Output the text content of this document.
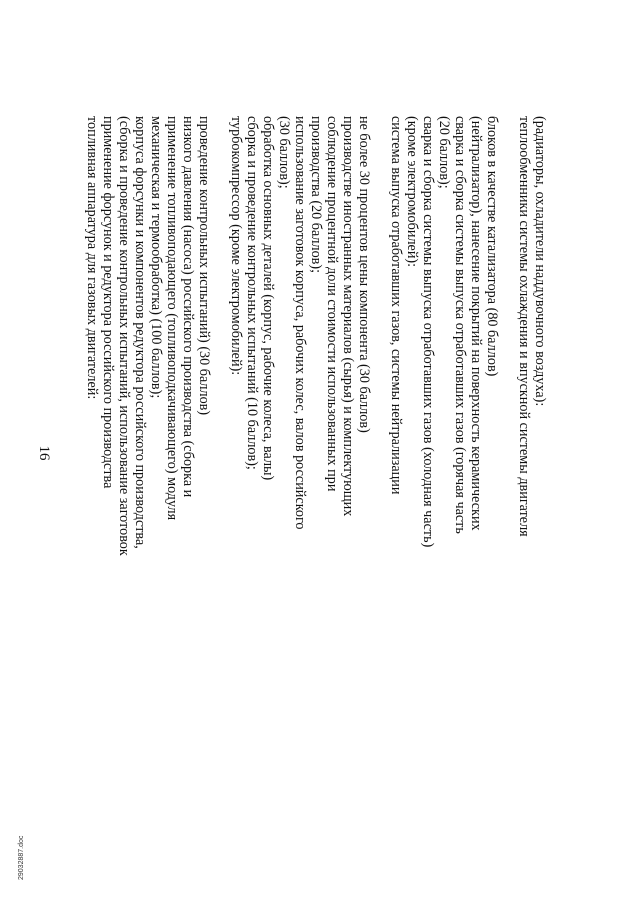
16
топливная аппаратура для газовых двигателей: применение форсунок и редуктора российского производства (сборка и проведение контрольных испытаний, использование заготовок корпуса форсунки и компонентов редуктора российского производства, механическая и термообработка) (100 баллов); применение топливоподающего (топливоподкачивающего) модуля низкого давления (насоса) российского производства (сборка и проведение контрольных испытаний) (30 баллов) турбокомпрессор (кроме электромобилей): сборка и проведение контрольных испытаний (10 баллов); обработка основных деталей (корпус, рабочие колеса, валы) (30 баллов); использование заготовок корпуса, рабочих колес, валов российского производства (20 баллов); соблюдение процентной доли стоимости использованных при производстве иностранных материалов (сырья) и комплектующих не более 30 процентов цены компонента (30 баллов) система выпуска отработавших газов, системы нейтрализации (кроме электромобилей): сварка и сборка системы выпуска отработавших газов (холодная часть) (20 баллов); сварка и сборка системы выпуска отработавших газов (горячая часть (нейтрализатор), нанесение покрытий на поверхность керамических блоков в качестве катализатора (80 баллов) теплообменники системы охлаждения и впускной системы двигателя (радиаторы, охладители наддувочного воздуха):
29032887.doc
